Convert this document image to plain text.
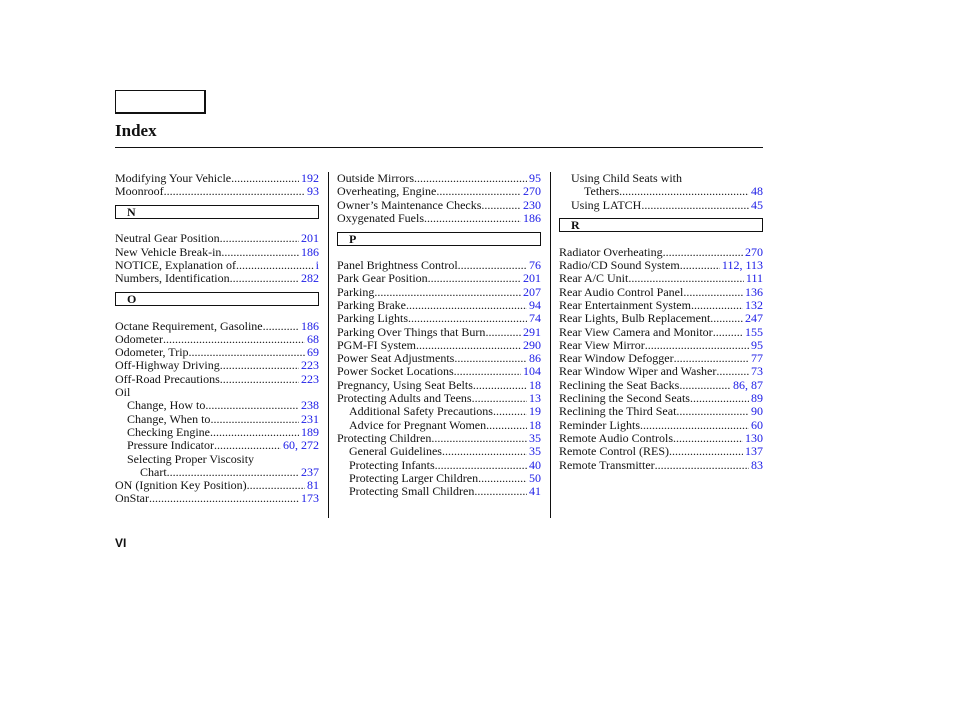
Index
Modifying Your Vehicle .....	192
Moonroof .....	93
N
Neutral Gear Position .....	201
New Vehicle Break-in .....	186
NOTICE, Explanation of .....	i
Numbers, Identification .....	282
O
Octane Requirement, Gasoline .....	186
Odometer .....	68
Odometer, Trip .....	69
Off-Highway Driving .....	223
Off-Road Precautions .....	223
Oil
Change, How to .....	238
Change, When to .....	231
Checking Engine .....	189
Pressure Indicator .....	60, 272
Selecting Proper Viscosity
Chart .....	237
ON (Ignition Key Position) .....	81
OnStar .....	173
Outside Mirrors .....	95
Overheating, Engine .....	270
Owner’s Maintenance Checks .....	230
Oxygenated Fuels .....	186
P
Panel Brightness Control .....	76
Park Gear Position .....	201
Parking .....	207
Parking Brake .....	94
Parking Lights .....	74
Parking Over Things that Burn .....	291
PGM-FI System .....	290
Power Seat Adjustments .....	86
Power Socket Locations .....	104
Pregnancy, Using Seat Belts .....	18
Protecting Adults and Teens .....	13
Additional Safety Precautions .....	19
Advice for Pregnant Women .....	18
Protecting Children .....	35
General Guidelines .....	35
Protecting Infants .....	40
Protecting Larger Children .....	50
Protecting Small Children .....	41
Using Child Seats with
Tethers .....	48
Using LATCH .....	45
R
Radiator Overheating .....	270
Radio/CD Sound System .....	112, 113
Rear A/C Unit .....	111
Rear Audio Control Panel .....	136
Rear Entertainment System .....	132
Rear Lights, Bulb Replacement .....	247
Rear View Camera and Monitor .....	155
Rear View Mirror .....	95
Rear Window Defogger .....	77
Rear Window Wiper and Washer .....	73
Reclining the Seat Backs .....	86, 87
Reclining the Second Seats .....	89
Reclining the Third Seat .....	90
Reminder Lights .....	60
Remote Audio Controls .....	130
Remote Control (RES) .....	137
Remote Transmitter .....	83
VI
